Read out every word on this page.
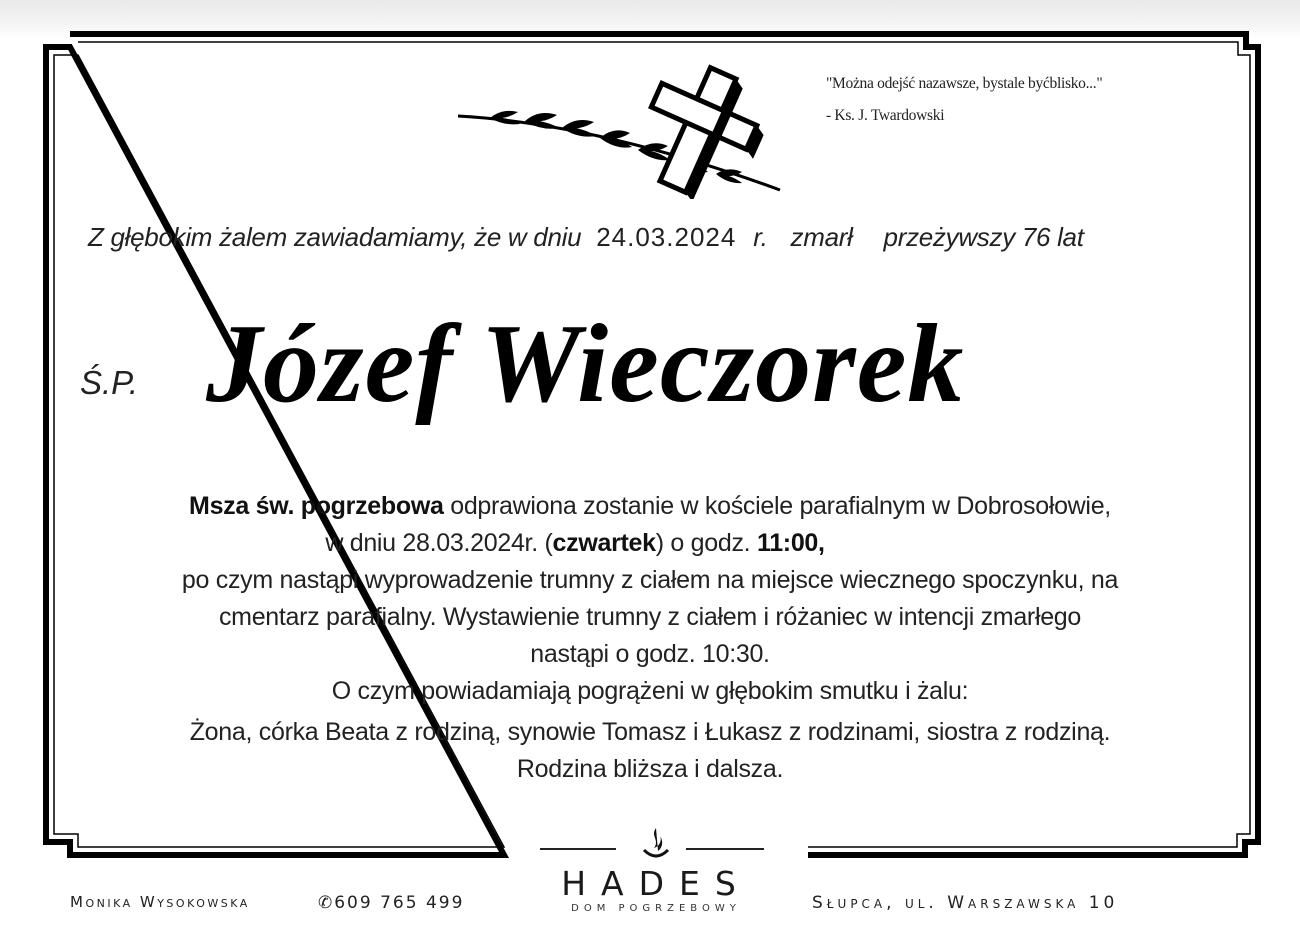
"Można odejść nazawsze, bystale byćblisko..."
- Ks. J. Twardowski
Z głębokim żalem zawiadamiamy, że w dniu 24.03.2024 r. zmarł przeżywszy 76 lat
Ś.P. Józef Wieczorek
Msza św. pogrzebowa odprawiona zostanie w kościele parafialnym w Dobrosołowie,
w dniu 28.03.2024r. (czwartek) o godz. 11:00,
po czym nastąpi wyprowadzenie trumny z ciałem na miejsce wiecznego spoczynku, na
cmentarz parafialny. Wystawienie trumny z ciałem i różaniec w intencji zmarłego
nastąpi o godz. 10:30.
O czym powiadamiają pogrążeni w głębokim smutku i żalu:
Żona, córka Beata z rodziną, synowie Tomasz i Łukasz z rodzinami, siostra z rodziną.
Rodzina bliższa i dalsza.
HADES
DOM POGRZEBOWY
Monika Wysokowska	✆609 765 499	Słupca, ul. Warszawska 10
